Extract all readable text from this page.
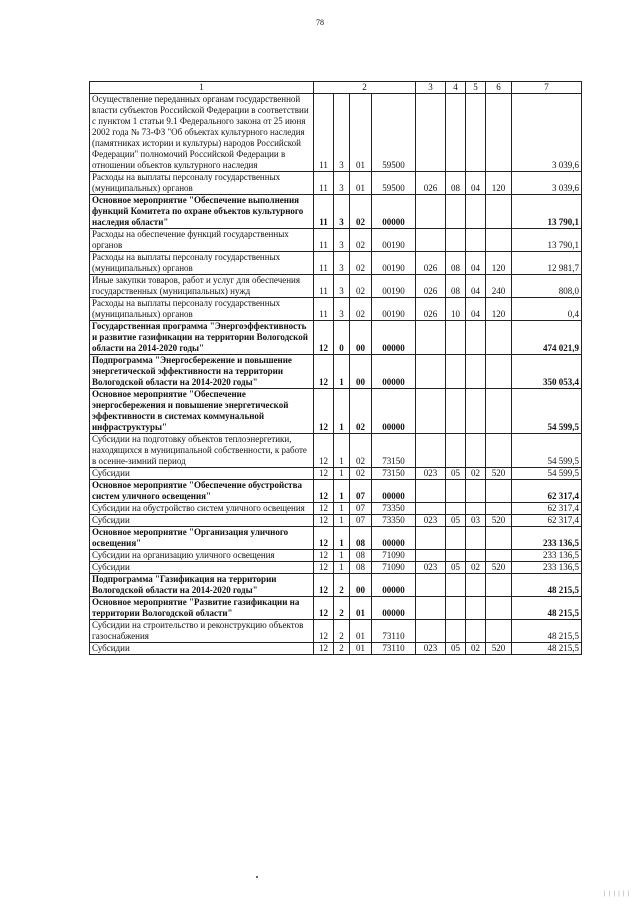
78
1	2				3	4	5	6	7
Осуществление переданных органам государственной власти субъектов Российской Федерации в соответствии с пунктом 1 статьи 9.1 Федерального закона от 25 июня 2002 года № 73-ФЗ "Об объектах культурного наследия (памятниках истории и культуры) народов Российской Федерации" полномочий Российской Федерации в отношении объектов культурного наследия	11	3	01	59500					3 039,6
Расходы на выплаты персоналу государственных (муниципальных) органов	11	3	01	59500	026	08	04	120	3 039,6
Основное мероприятие "Обеспечение выполнения функций Комитета по охране объектов культурного наследия области"	11	3	02	00000					13 790,1
Расходы на обеспечение функций государственных органов	11	3	02	00190					13 790,1
Расходы на выплаты персоналу государственных (муниципальных) органов	11	3	02	00190	026	08	04	120	12 981,7
Иные закупки товаров, работ и услуг для обеспечения государственных (муниципальных) нужд	11	3	02	00190	026	08	04	240	808,0
Расходы на выплаты персоналу государственных (муниципальных) органов	11	3	02	00190	026	10	04	120	0,4
Государственная программа "Энергоэффективность и развитие газификации на территории Вологодской области на 2014-2020 годы"	12	0	00	00000					474 021,9
Подпрограмма "Энергосбережение и повышение энергетической эффективности на территории Вологодской области на 2014-2020 годы"	12	1	00	00000					350 053,4
Основное мероприятие "Обеспечение энергосбережения и повышение энергетической эффективности в системах коммунальной инфраструктуры"	12	1	02	00000					54 599,5
Субсидии на подготовку объектов теплоэнергетики, находящихся в муниципальной собственности, к работе в осенне-зимний период	12	1	02	73150					54 599,5
Субсидии	12	1	02	73150	023	05	02	520	54 599,5
Основное мероприятие "Обеспечение обустройства систем уличного освещения"	12	1	07	00000					62 317,4
Субсидии на обустройство систем уличного освещения	12	1	07	73350					62 317,4
Субсидии	12	1	07	73350	023	05	03	520	62 317,4
Основное мероприятие "Организация уличного освещения"	12	1	08	00000					233 136,5
Субсидии на организацию уличного освещения	12	1	08	71090					233 136,5
Субсидии	12	1	08	71090	023	05	02	520	233 136,5
Подпрограмма "Газификация на территории Вологодской области на 2014-2020 годы"	12	2	00	00000					48 215,5
Основное мероприятие "Развитие газификации на территории Вологодской области"	12	2	01	00000					48 215,5
Субсидии на строительство и реконструкцию объектов газоснабжения	12	2	01	73110					48 215,5
Субсидии	12	2	01	73110	023	05	02	520	48 215,5
| | | | | |
